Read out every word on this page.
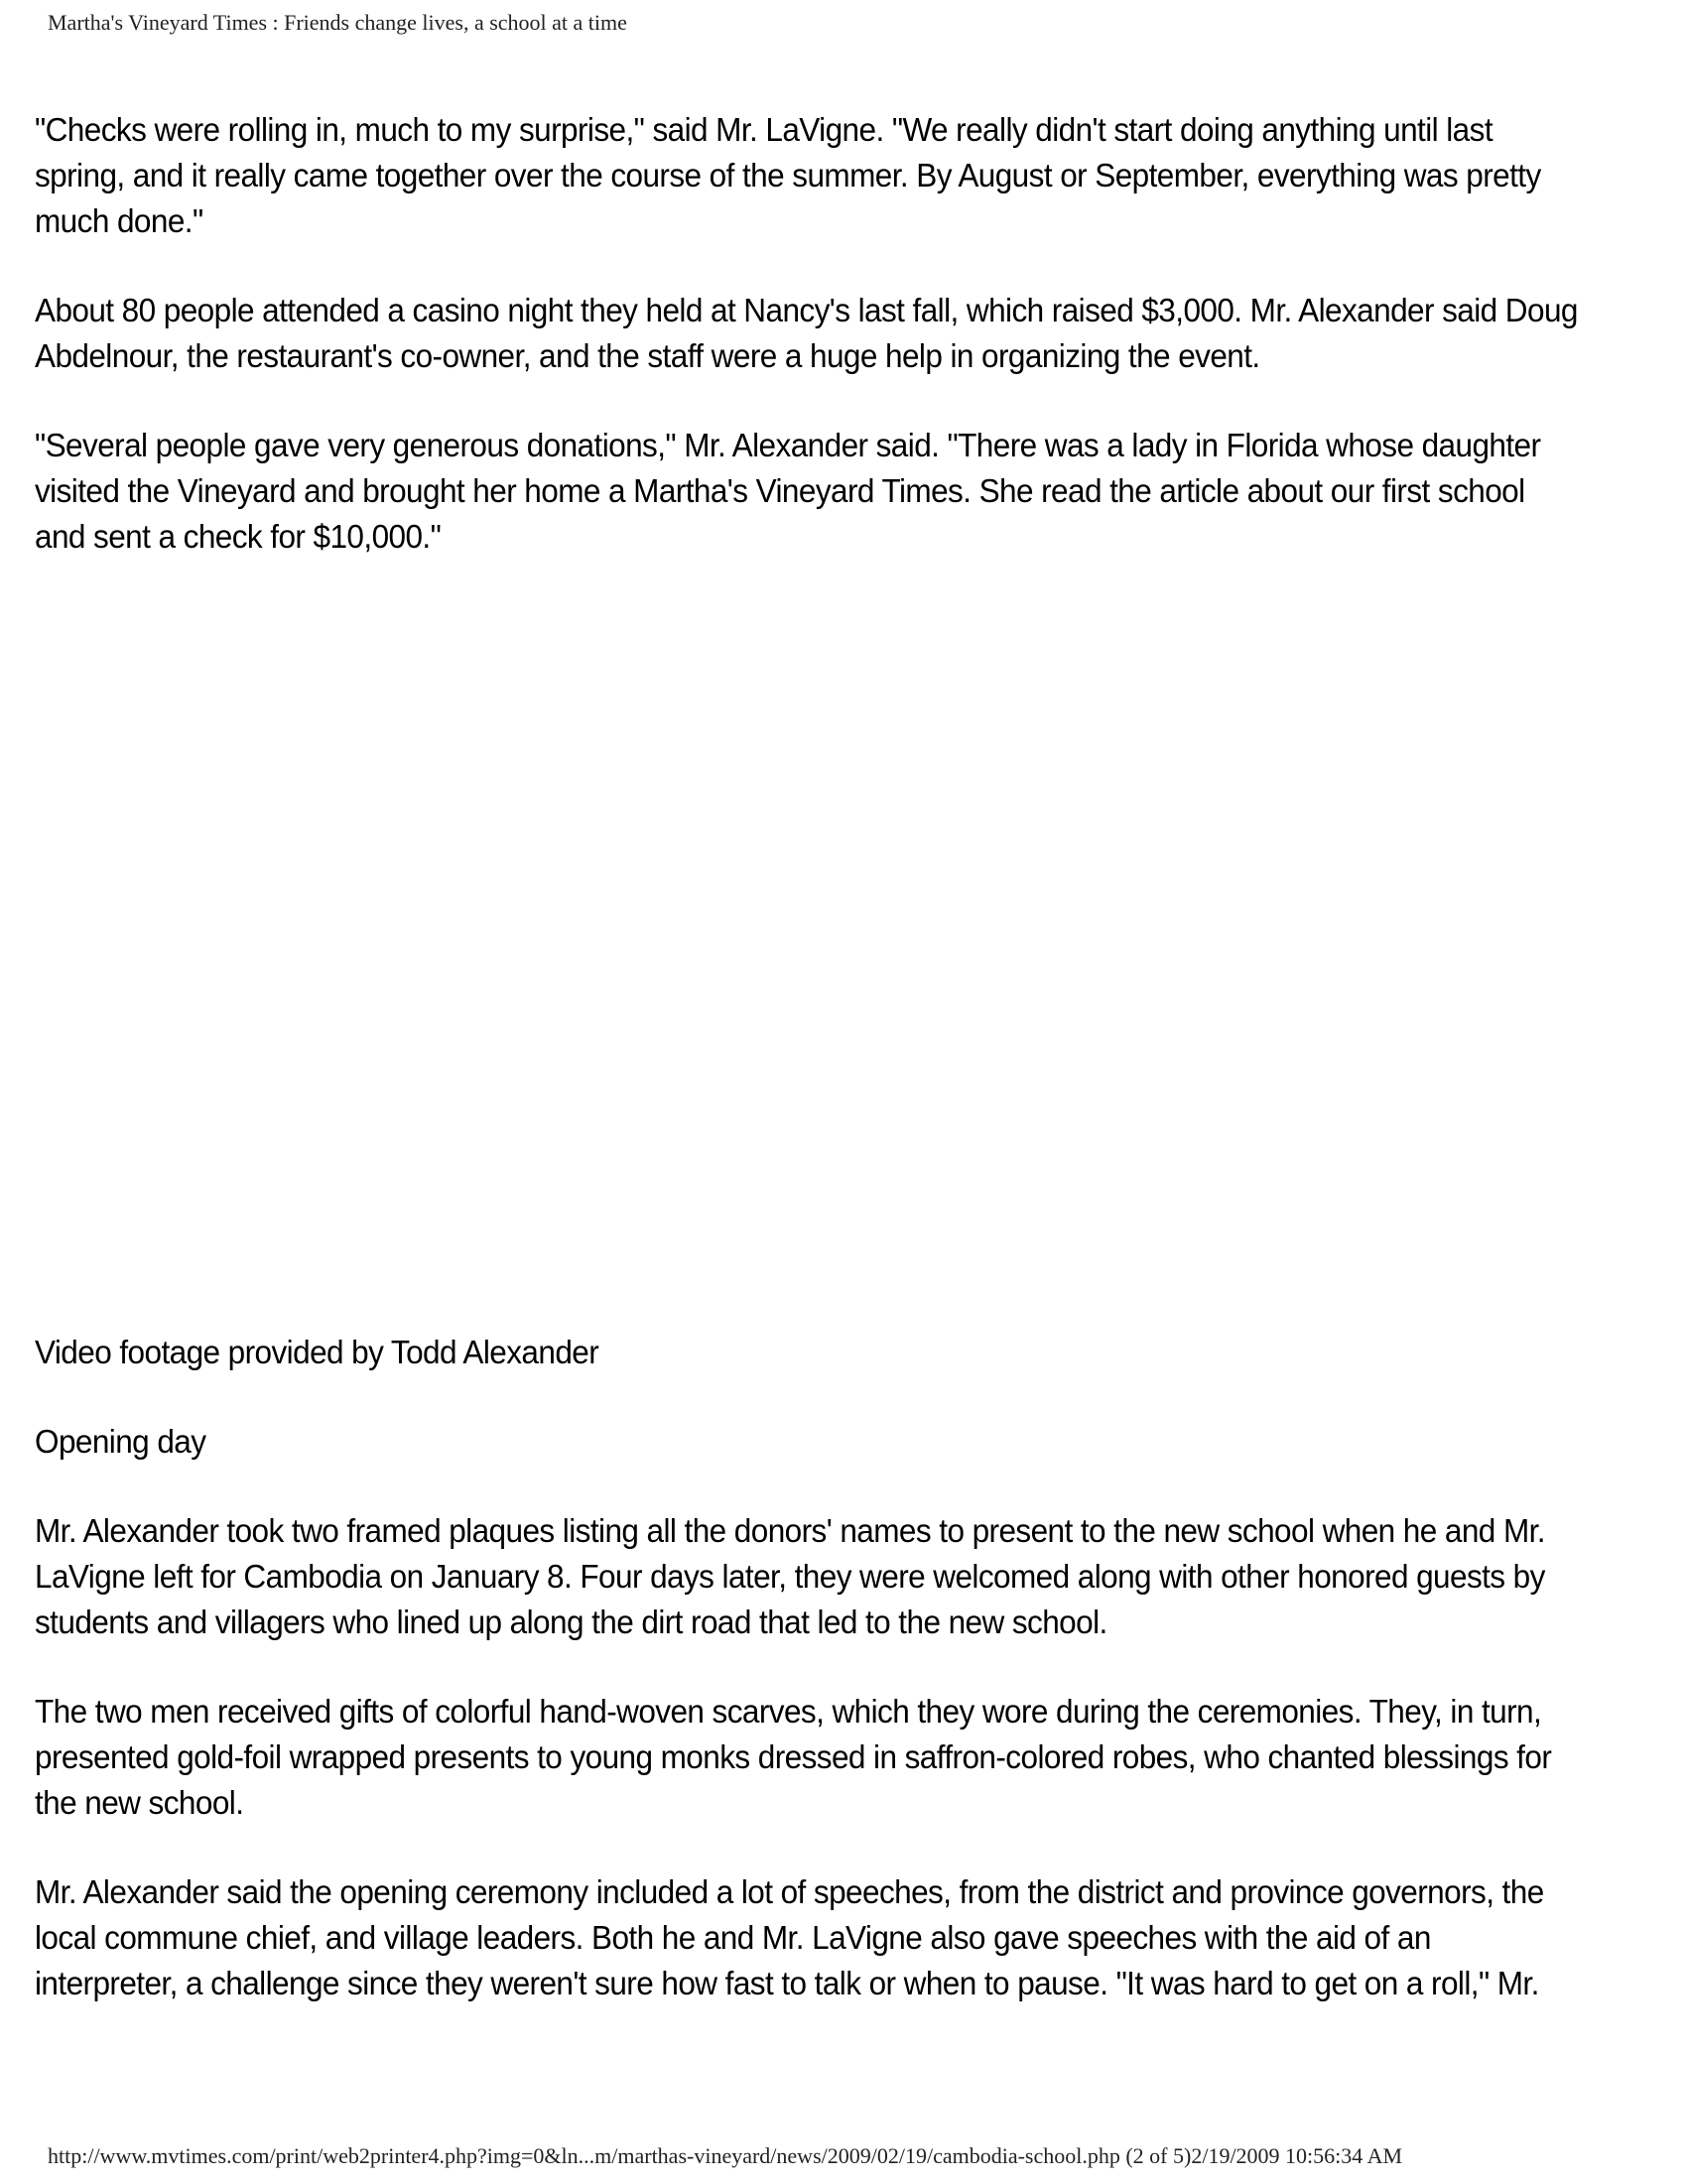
Martha's Vineyard Times : Friends change lives, a school at a time

"Checks were rolling in, much to my surprise," said Mr. LaVigne. "We really didn't start doing anything until last spring, and it really came together over the course of the summer. By August or September, everything was pretty much done."

About 80 people attended a casino night they held at Nancy's last fall, which raised $3,000. Mr. Alexander said Doug Abdelnour, the restaurant's co-owner, and the staff were a huge help in organizing the event.

"Several people gave very generous donations," Mr. Alexander said. "There was a lady in Florida whose daughter visited the Vineyard and brought her home a Martha's Vineyard Times. She read the article about our first school and sent a check for $10,000."

Video footage provided by Todd Alexander

Opening day

Mr. Alexander took two framed plaques listing all the donors' names to present to the new school when he and Mr. LaVigne left for Cambodia on January 8. Four days later, they were welcomed along with other honored guests by students and villagers who lined up along the dirt road that led to the new school.

The two men received gifts of colorful hand-woven scarves, which they wore during the ceremonies. They, in turn, presented gold-foil wrapped presents to young monks dressed in saffron-colored robes, who chanted blessings for the new school.

Mr. Alexander said the opening ceremony included a lot of speeches, from the district and province governors, the local commune chief, and village leaders. Both he and Mr. LaVigne also gave speeches with the aid of an interpreter, a challenge since they weren't sure how fast to talk or when to pause. "It was hard to get on a roll," Mr.

http://www.mvtimes.com/print/web2printer4.php?img=0&ln...m/marthas-vineyard/news/2009/02/19/cambodia-school.php (2 of 5)2/19/2009 10:56:34 AM
